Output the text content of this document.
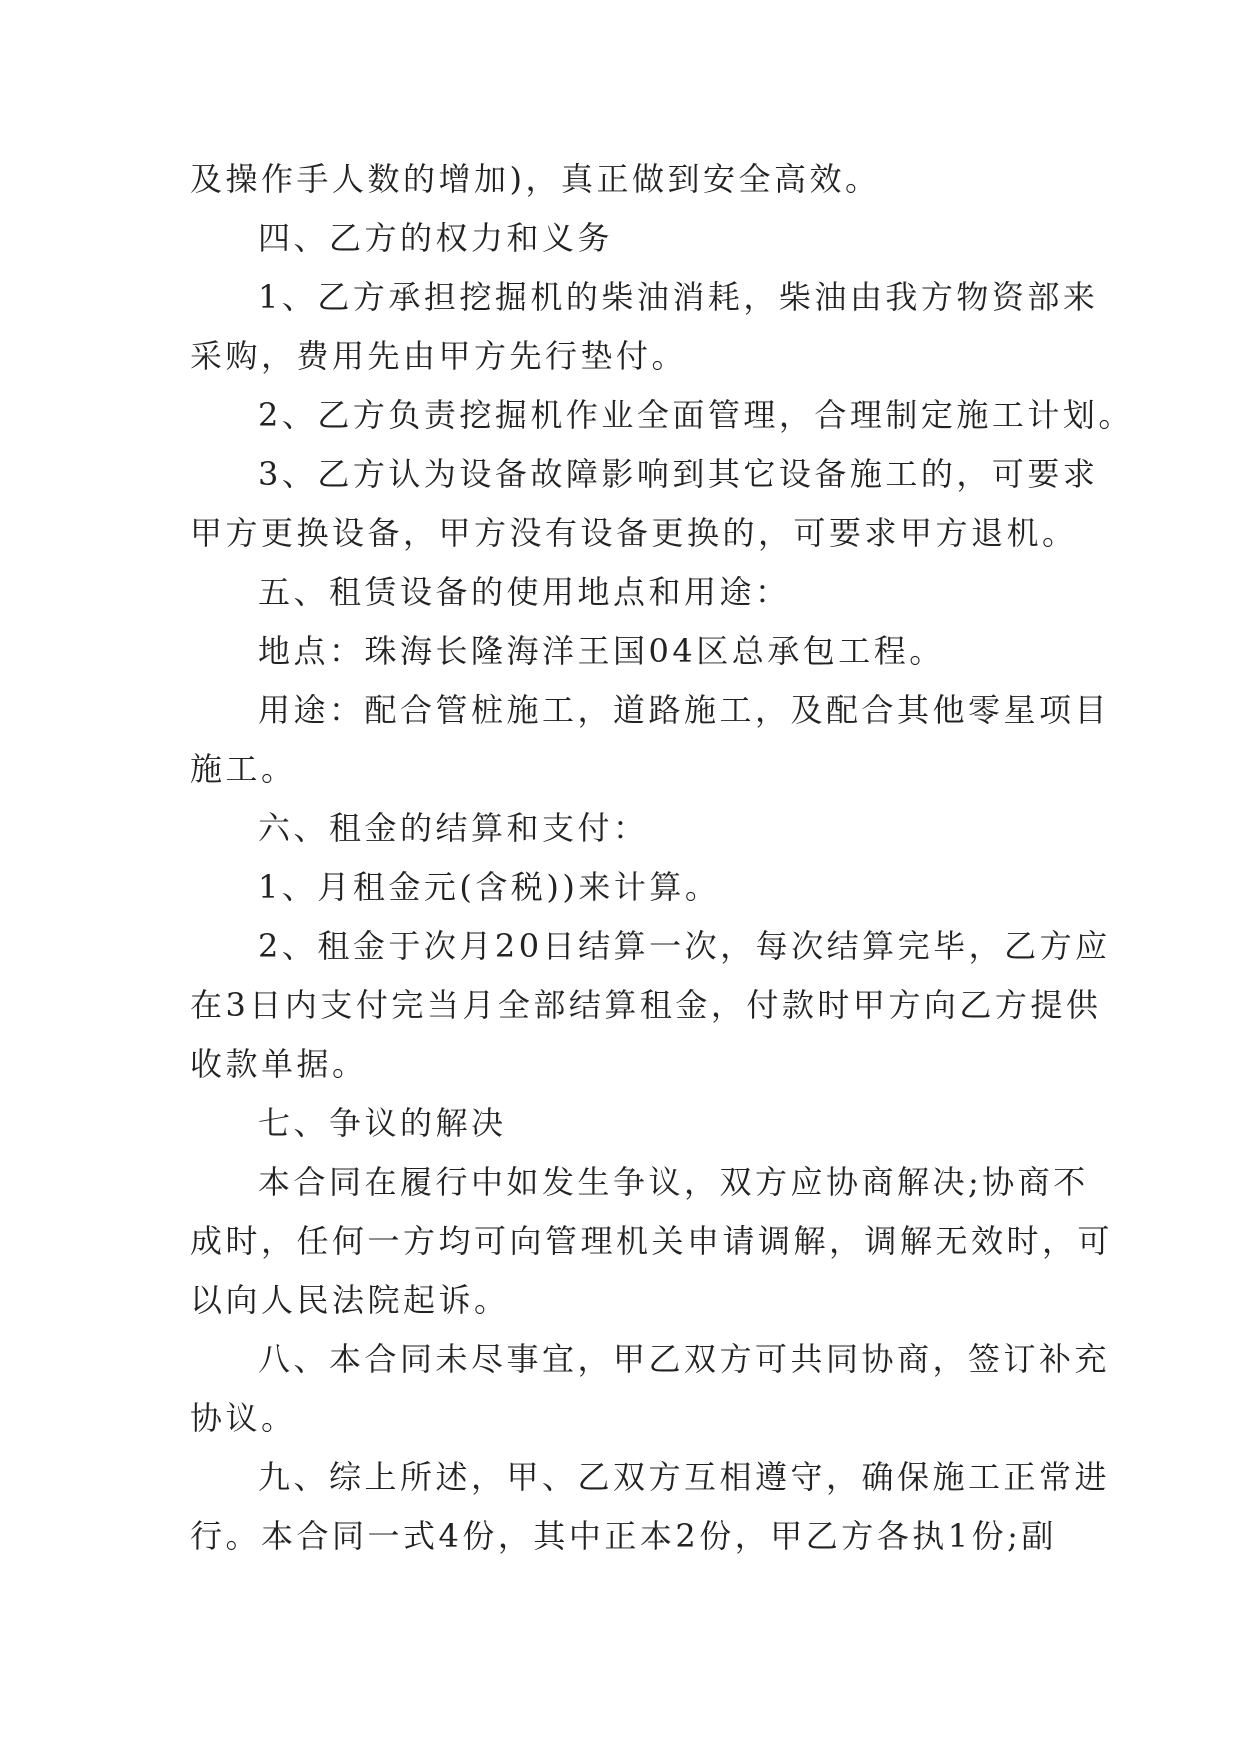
及操作手人数的增加)，真正做到安全高效。

四、乙方的权力和义务

1、乙方承担挖掘机的柴油消耗，柴油由我方物资部来

采购，费用先由甲方先行垫付。

2、乙方负责挖掘机作业全面管理，合理制定施工计划。

3、乙方认为设备故障影响到其它设备施工的，可要求

甲方更换设备，甲方没有设备更换的，可要求甲方退机。

五、租赁设备的使用地点和用途：

地点：珠海长隆海洋王国04区总承包工程。

用途：配合管桩施工，道路施工，及配合其他零星项目

施工。

六、租金的结算和支付：

1、月租金元(含税))来计算。

2、租金于次月20日结算一次，每次结算完毕，乙方应

在3日内支付完当月全部结算租金，付款时甲方向乙方提供

收款单据。

七、争议的解决

本合同在履行中如发生争议，双方应协商解决;协商不

成时，任何一方均可向管理机关申请调解，调解无效时，可

以向人民法院起诉。

八、本合同未尽事宜，甲乙双方可共同协商，签订补充

协议。

九、综上所述，甲、乙双方互相遵守，确保施工正常进

行。本合同一式4份，其中正本2份，甲乙方各执1份;副
